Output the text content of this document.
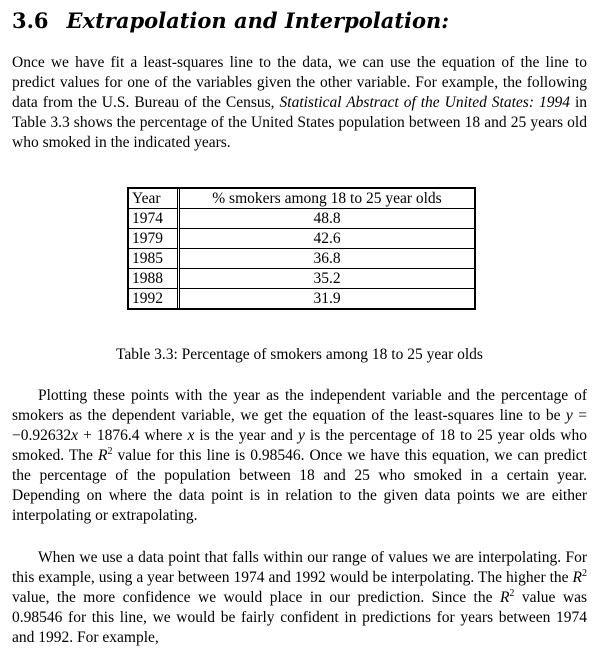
3.6 Extrapolation and Interpolation:

Once we have fit a least-squares line to the data, we can use the equation of the line to predict values for one of the variables given the other variable. For example, the following data from the U.S. Bureau of the Census, Statistical Abstract of the United States: 1994 in Table 3.3 shows the percentage of the United States population between 18 and 25 years old who smoked in the indicated years.

Year	% smokers among 18 to 25 year olds
1974	48.8
1979	42.6
1985	36.8
1988	35.2
1992	31.9
Table 3.3: Percentage of smokers among 18 to 25 year olds

Plotting these points with the year as the independent variable and the percentage of smokers as the dependent variable, we get the equation of the least-squares line to be y = −0.92632x + 1876.4 where x is the year and y is the percentage of 18 to 25 year olds who smoked. The $R^2$ value for this line is 0.98546. Once we have this equation, we can predict the percentage of the population between 18 and 25 who smoked in a certain year. Depending on where the data point is in relation to the given data points we are either interpolating or extrapolating.

When we use a data point that falls within our range of values we are interpolating. For this example, using a year between 1974 and 1992 would be interpolating. The higher the $R^2$ value, the more confidence we would place in our prediction. Since the $R^2$ value was 0.98546 for this line, we would be fairly confident in predictions for years between 1974 and 1992. For example,
